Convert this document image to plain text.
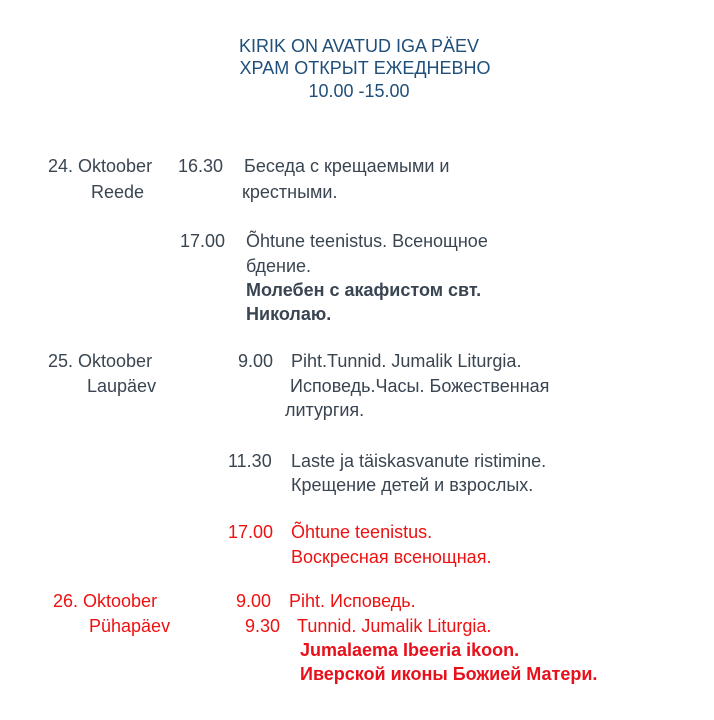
KIRIK ON AVATUD IGA PÄEV
ХРАМ ОТКРЫТ ЕЖЕДНЕВНО
10.00 -15.00
24. Oktoober 16.30 Беседа с крещаемыми и
Reede	крестными.
17.00 Õhtune teenistus. Всенощное
бдение.
Молебен с акафистом свт.
Николаю.
25. Oktoober	9.00 Piht.Tunnid. Jumalik Liturgia.
Laupäev	Исповедь.Часы. Божественная
литургия.
11.30 Laste ja täiskasvanute ristimine.
Крещение детей и взрослых.
17.00 Õhtune teenistus.
Воскресная всенощная.
26. Oktoober	9.00 Piht. Исповедь.
Pühapäev	9.30 Tunnid. Jumalik Liturgia.
Jumalaema Ibeeria ikoon.
Иверской иконы Божией Матери.
